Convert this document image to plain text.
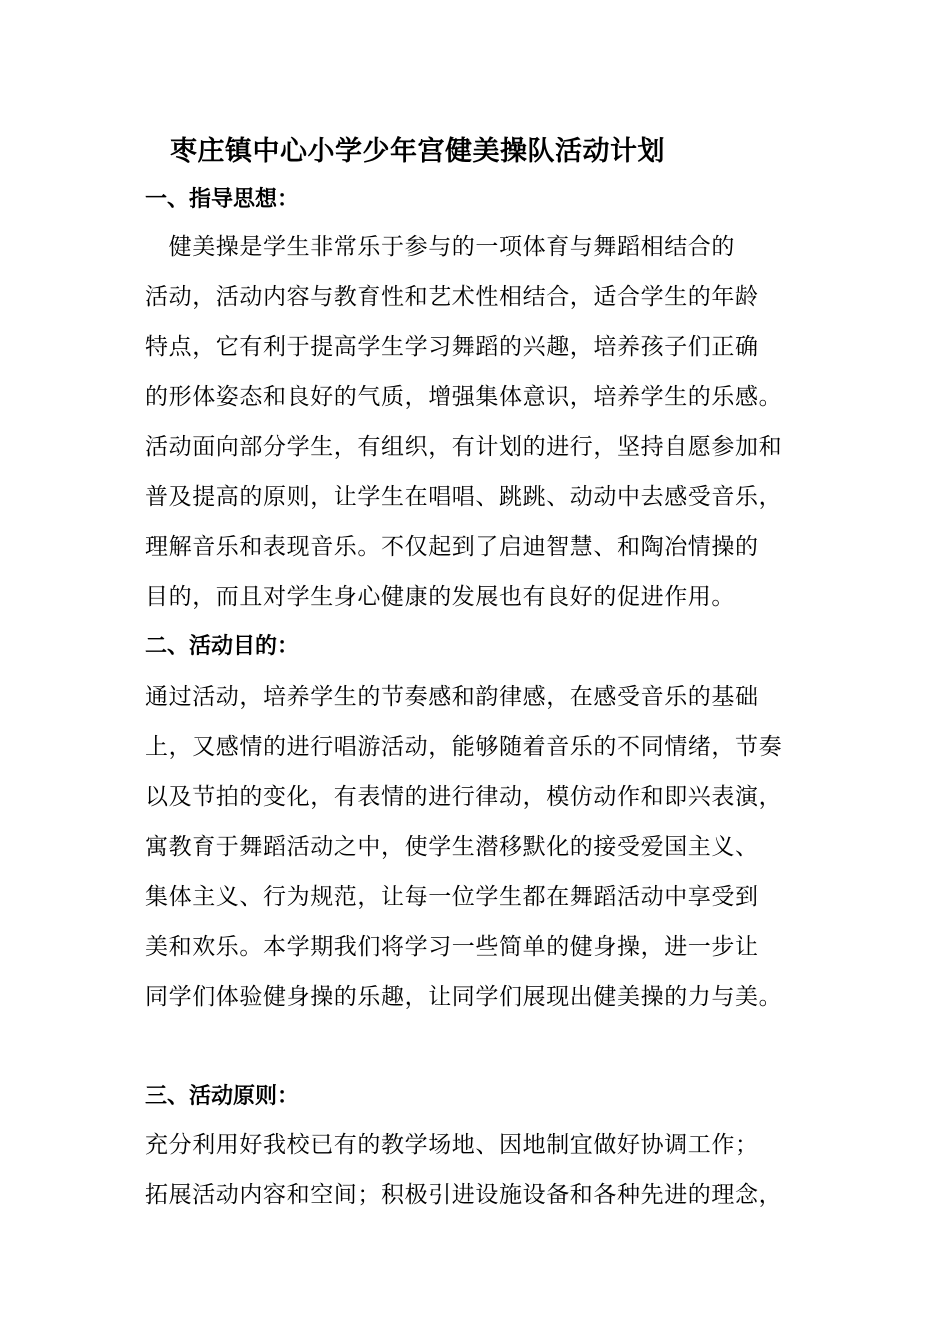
枣庄镇中心小学少年宫健美操队活动计划
一、指导思想：
　健美操是学生非常乐于参与的一项体育与舞蹈相结合的
活动，活动内容与教育性和艺术性相结合，适合学生的年龄
特点，它有利于提高学生学习舞蹈的兴趣，培养孩子们正确
的形体姿态和良好的气质，增强集体意识，培养学生的乐感。
活动面向部分学生，有组织，有计划的进行，坚持自愿参加和
普及提高的原则，让学生在唱唱、跳跳、动动中去感受音乐，
理解音乐和表现音乐。不仅起到了启迪智慧、和陶冶情操的
目的，而且对学生身心健康的发展也有良好的促进作用。
二、活动目的：
通过活动，培养学生的节奏感和韵律感，在感受音乐的基础
上，又感情的进行唱游活动，能够随着音乐的不同情绪，节奏
以及节拍的变化，有表情的进行律动，模仿动作和即兴表演，
寓教育于舞蹈活动之中，使学生潜移默化的接受爱国主义、
集体主义、行为规范，让每一位学生都在舞蹈活动中享受到
美和欢乐。本学期我们将学习一些简单的健身操，进一步让
同学们体验健身操的乐趣，让同学们展现出健美操的力与美。
三、活动原则：
充分利用好我校已有的教学场地、因地制宜做好协调工作；
拓展活动内容和空间；积极引进设施设备和各种先进的理念，
